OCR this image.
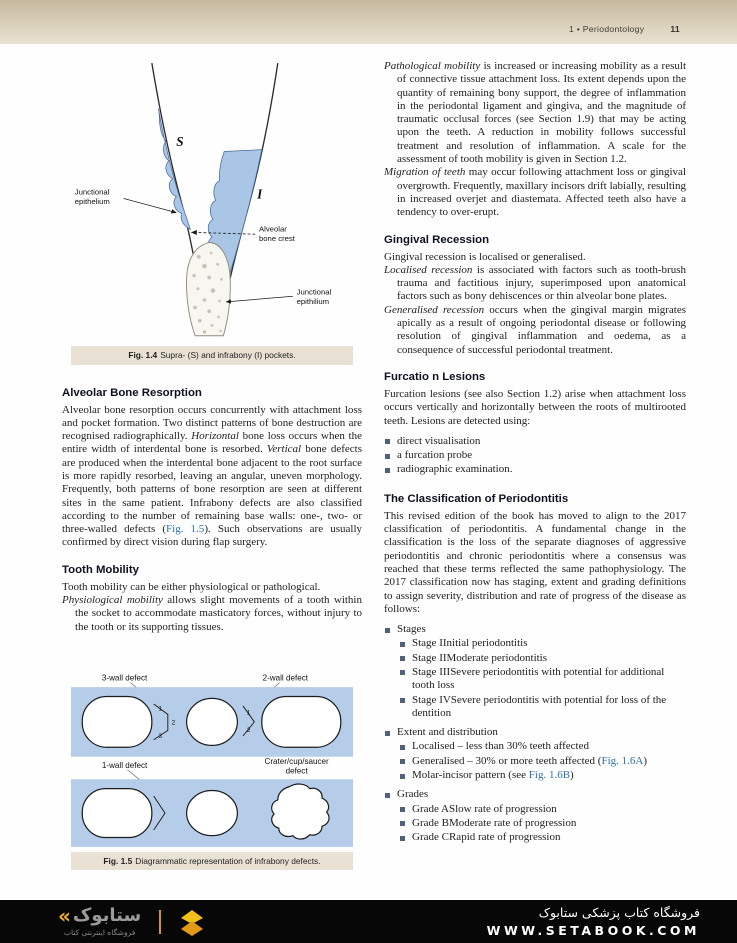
1 • Periodontology	11
S
I
Junctional
epithelium
Alveolar
bone crest
Junctional
epithilium
Fig. 1.4 Supra- (S) and infrabony (I) pockets.
Alveolar Bone Resorption

Alveolar bone resorption occurs concurrently with attachment loss and pocket formation. Two distinct patterns of bone destruction are recognised radiographically. Horizontal bone loss occurs when the entire width of interdental bone is resorbed. Vertical bone defects are produced when the interdental bone adjacent to the root surface is more rapidly resorbed, leaving an angular, uneven morphology. Frequently, both patterns of bone resorption are seen at different sites in the same patient. Infrabony defects are also classified according to the number of remaining base walls: one-, two- or three-walled defects (Fig. 1.5). Such observations are usually confirmed by direct vision during flap surgery.

Tooth Mobility

Tooth mobility can be either physiological or pathological.

Physiological mobility allows slight movements of a tooth within the socket to accommodate masticatory forces, without injury to the tooth or its supporting tissues.

3-wall defect	2-wall defect
1
2
3
1
2
1-wall defect	Crater/cup/saucer
defect
Fig. 1.5 Diagrammatic representation of infrabony defects.

Pathological mobility is increased or increasing mobility as a result of connective tissue attachment loss. Its extent depends upon the quantity of remaining bony support, the degree of inflammation in the periodontal ligament and gingiva, and the magnitude of traumatic occlusal forces (see Section 1.9) that may be acting upon the teeth. A reduction in mobility follows successful treatment and resolution of inflammation. A scale for the assessment of tooth mobility is given in Section 1.2.

Migration of teeth may occur following attachment loss or gingival overgrowth. Frequently, maxillary incisors drift labially, resulting in increased overjet and diastemata. Affected teeth also have a tendency to over-erupt.

Gingival Recession

Gingival recession is localised or generalised.

Localised recession is associated with factors such as tooth-brush trauma and factitious injury, superimposed upon anatomical factors such as bony dehiscences or thin alveolar bone plates.

Generalised recession occurs when the gingival margin migrates apically as a result of ongoing periodontal disease or following resolution of gingival inflammation and oedema, as a consequence of successful periodontal treatment.

Furcatio n Lesions

Furcation lesions (see also Section 1.2) arise when attachment loss occurs vertically and horizontally between the roots of multirooted teeth. Lesions are detected using:

direct visualisation
a furcation probe
radiographic examination.
The Classification of Periodontitis

This revised edition of the book has moved to align to the 2017 classification of periodontitis. A fundamental change in the classification is the loss of the separate diagnoses of aggressive periodontitis and chronic periodontitis where a consensus was reached that these terms reflected the same pathophysiology. The 2017 classification now has staging, extent and grading definitions to assign severity, distribution and rate of progress of the disease as follows:

Stages
Stage IInitial periodontitis
Stage IIModerate periodontitis
Stage IIISevere periodontitis with potential for additional tooth loss
Stage IVSevere periodontitis with potential for loss of the dentition
Extent and distribution
Localised – less than 30% teeth affected
Generalised – 30% or more teeth affected (Fig. 1.6A)
Molar-incisor pattern (see Fig. 1.6B)
Grades
Grade ASlow rate of progression
Grade BModerate rate of progression
Grade CRapid rate of progression
« ستابوک
فروشگاه اینترنتی کتاب
فروشگاه کتاب پزشکی ستابوک
WWW.SETABOOK.COM
